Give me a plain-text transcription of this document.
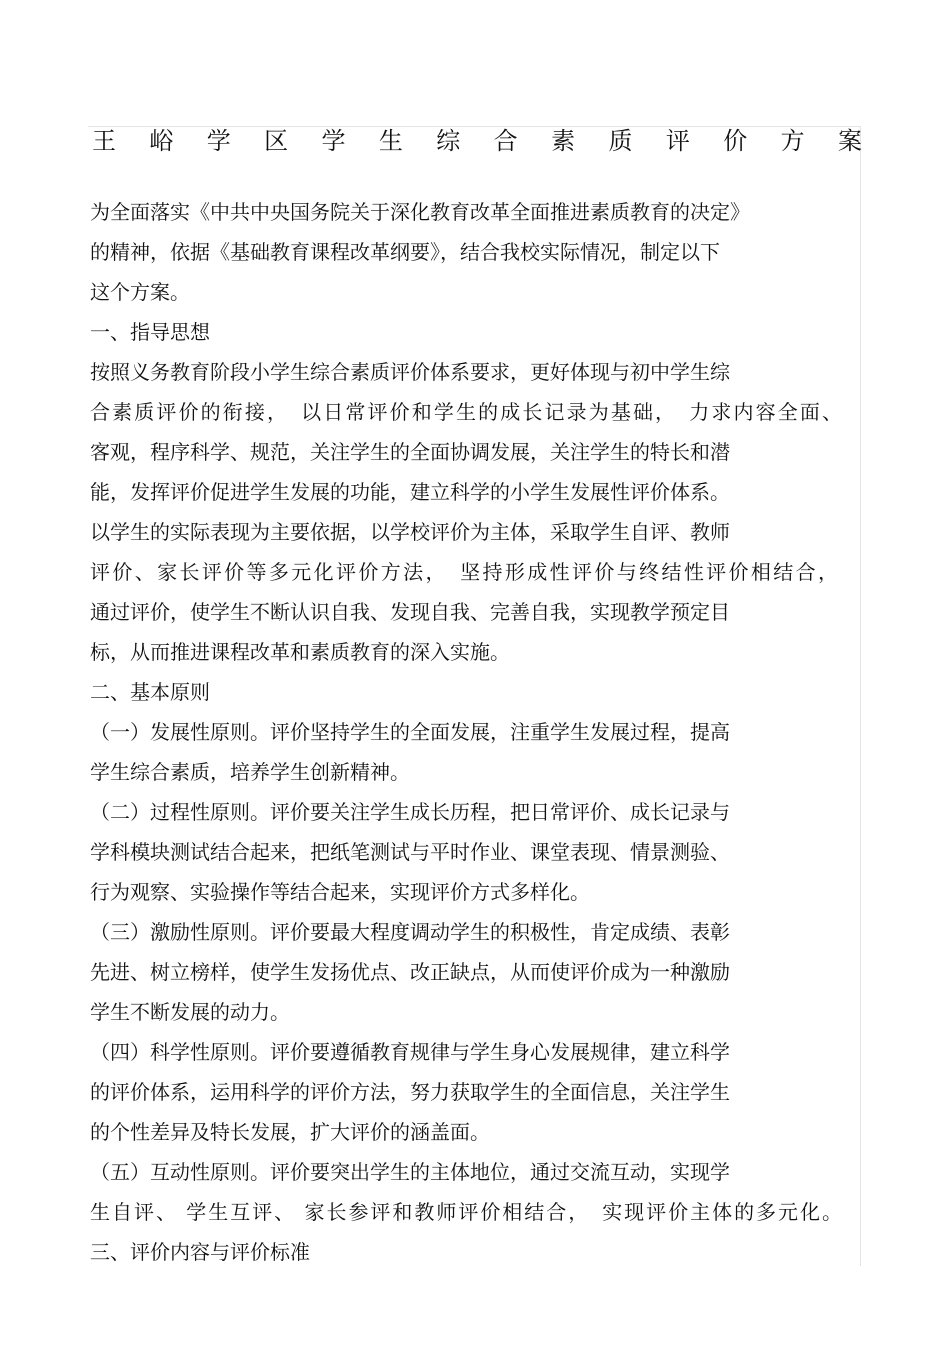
王 峪 学 区 学 生 综 合 素 质 评 价 方 案
为全面落实《中共中央国务院关于深化教育改革全面推进素质教育的决定》
的精神，依据《基础教育课程改革纲要》，结合我校实际情况，制定以下
这个方案。
一、指导思想
按照义务教育阶段小学生综合素质评价体系要求，更好体现与初中学生综
合素质评价的衔接，　以日常评价和学生的成长记录为基础，　力求内容全面、
客观，程序科学、规范，关注学生的全面协调发展，关注学生的特长和潜
能，发挥评价促进学生发展的功能，建立科学的小学生发展性评价体系。
以学生的实际表现为主要依据，以学校评价为主体，采取学生自评、教师
评价、家长评价等多元化评价方法，　坚持形成性评价与终结性评价相结合，
通过评价，使学生不断认识自我、发现自我、完善自我，实现教学预定目
标，从而推进课程改革和素质教育的深入实施。
二、基本原则
（一）发展性原则。评价坚持学生的全面发展，注重学生发展过程，提高
学生综合素质，培养学生创新精神。
（二）过程性原则。评价要关注学生成长历程，把日常评价、成长记录与
学科模块测试结合起来，把纸笔测试与平时作业、课堂表现、情景测验、
行为观察、实验操作等结合起来，实现评价方式多样化。
（三）激励性原则。评价要最大程度调动学生的积极性，肯定成绩、表彰
先进、树立榜样，使学生发扬优点、改正缺点，从而使评价成为一种激励
学生不断发展的动力。
（四）科学性原则。评价要遵循教育规律与学生身心发展规律，建立科学
的评价体系，运用科学的评价方法，努力获取学生的全面信息，关注学生
的个性差异及特长发展，扩大评价的涵盖面。
（五）互动性原则。评价要突出学生的主体地位，通过交流互动，实现学
生自评、 学生互评、 家长参评和教师评价相结合，　实现评价主体的多元化。
三、评价内容与评价标准
